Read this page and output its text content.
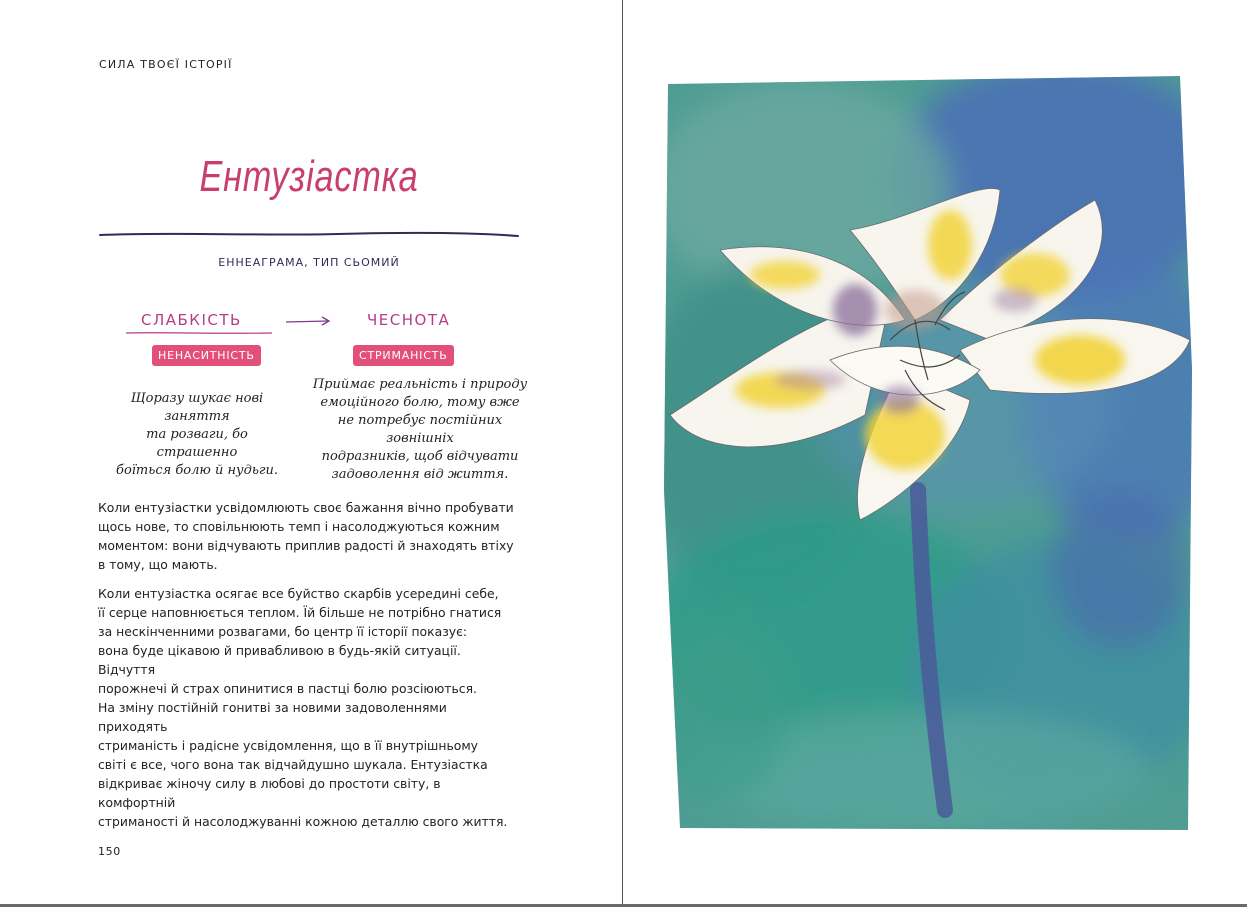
СИЛА ТВОЄЇ ІСТОРІЇ
Ентузіастка
ЕННЕАГРАМА, ТИП СЬОМИЙ
СЛАБКІСТЬ	ЧЕСНОТА
НЕНАСИТНІСТЬ	СТРИМАНІСТЬ
Щоразу шукає нові заняття
та розваги, бо страшенно
боїться болю й нудьги.
Приймає реальність і природу
емоційного болю, тому вже
не потребує постійних зовнішніх
подразників, щоб відчувати
задоволення від життя.
Коли ентузіастки усвідомлюють своє бажання вічно пробувати
щось нове, то сповільнюють темп і насолоджуються кожним
моментом: вони відчувають приплив радості й знаходять втіху
в тому, що мають.
Коли ентузіастка осягає все буйство скарбів усередині себе,
її серце наповнюється теплом. Їй більше не потрібно гнатися
за нескінченними розвагами, бо центр її історії показує:
вона буде цікавою й привабливою в будь-якій ситуації. Відчуття
порожнечі й страх опинитися в пастці болю розсіюються.
На зміну постійній гонитві за новими задоволеннями приходять
стриманість і радісне усвідомлення, що в її внутрішньому
світі є все, чого вона так відчайдушно шукала. Ентузіастка
відкриває жіночу силу в любові до простоти світу, в комфортній
стриманості й насолоджуванні кожною деталлю свого життя.
150
